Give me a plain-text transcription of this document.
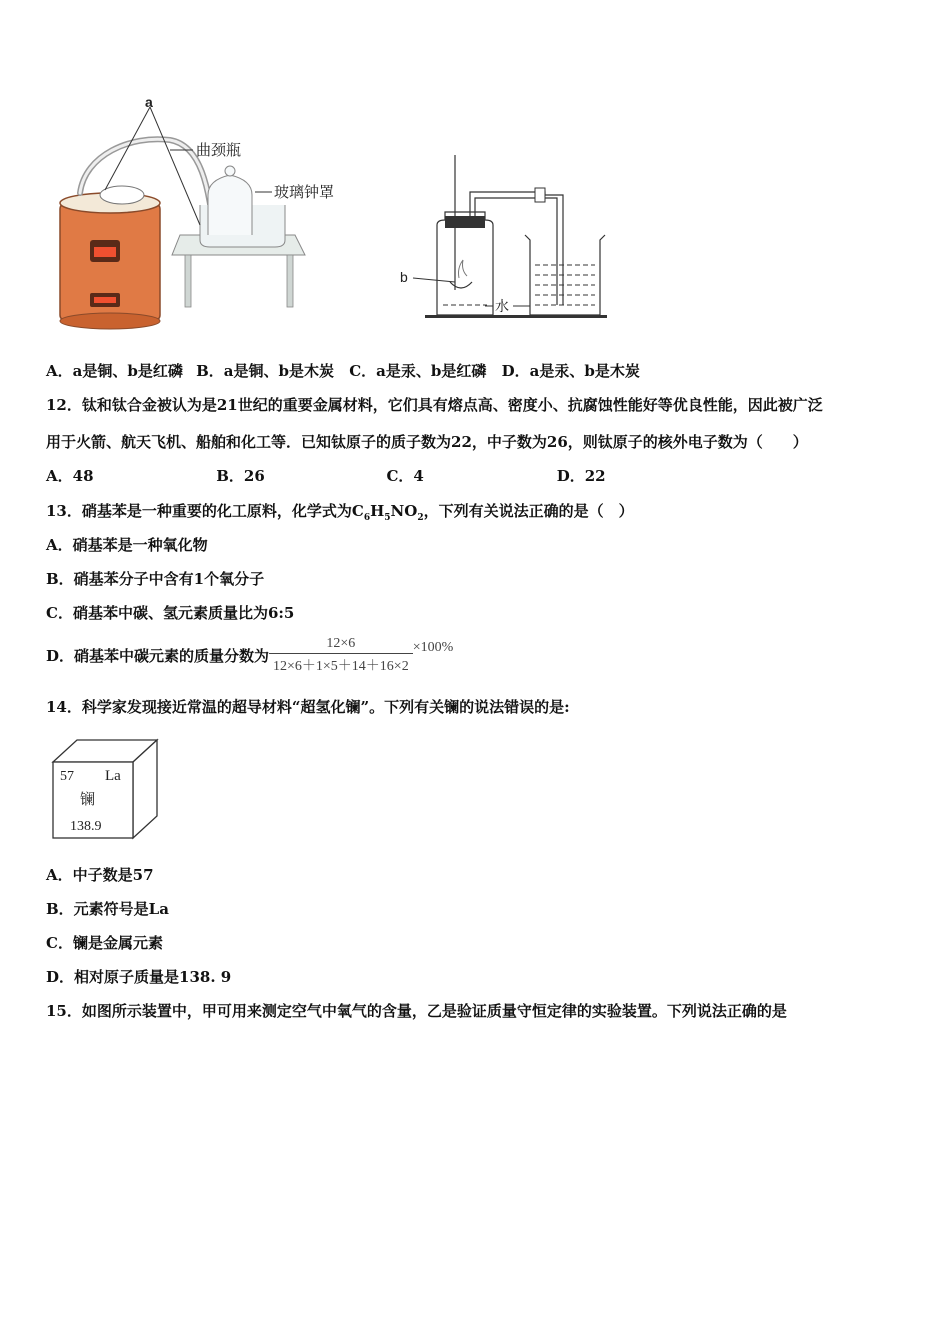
a
曲颈瓶
玻璃钟罩
b
水
A．a是铜、b是红磷 B．a是铜、b是木炭 C．a是汞、b是红磷 D．a是汞、b是木炭
12．钛和钛合金被认为是21世纪的重要金属材料，它们具有熔点高、密度小、抗腐蚀性能好等优良性能，因此被广泛
用于火箭、航天飞机、船舶和化工等．已知钛原子的质子数为22，中子数为26，则钛原子的核外电子数为（　　）
A．48	B．26	C．4	D．22
13．硝基苯是一种重要的化工原料，化学式为$C_6H_5NO_2$，下列有关说法正确的是（　）
A．硝基苯是一种氧化物
B．硝基苯分子中含有1个氧分子
C．硝基苯中碳、氢元素质量比为6:5
D．硝基苯中碳元素的质量分数为 $\frac{12\times 6}{12\times 6+1\times 5+14+16\times 2} \times 100\%$
14．科学家发现接近常温的超导材料“超氢化镧”。下列有关镧的说法错误的是:
57 La
镧
138.9
A．中子数是57
B．元素符号是La
C．镧是金属元素
D．相对原子质量是138. 9
15．如图所示装置中，甲可用来测定空气中氧气的含量，乙是验证质量守恒定律的实验装置。下列说法正确的是
